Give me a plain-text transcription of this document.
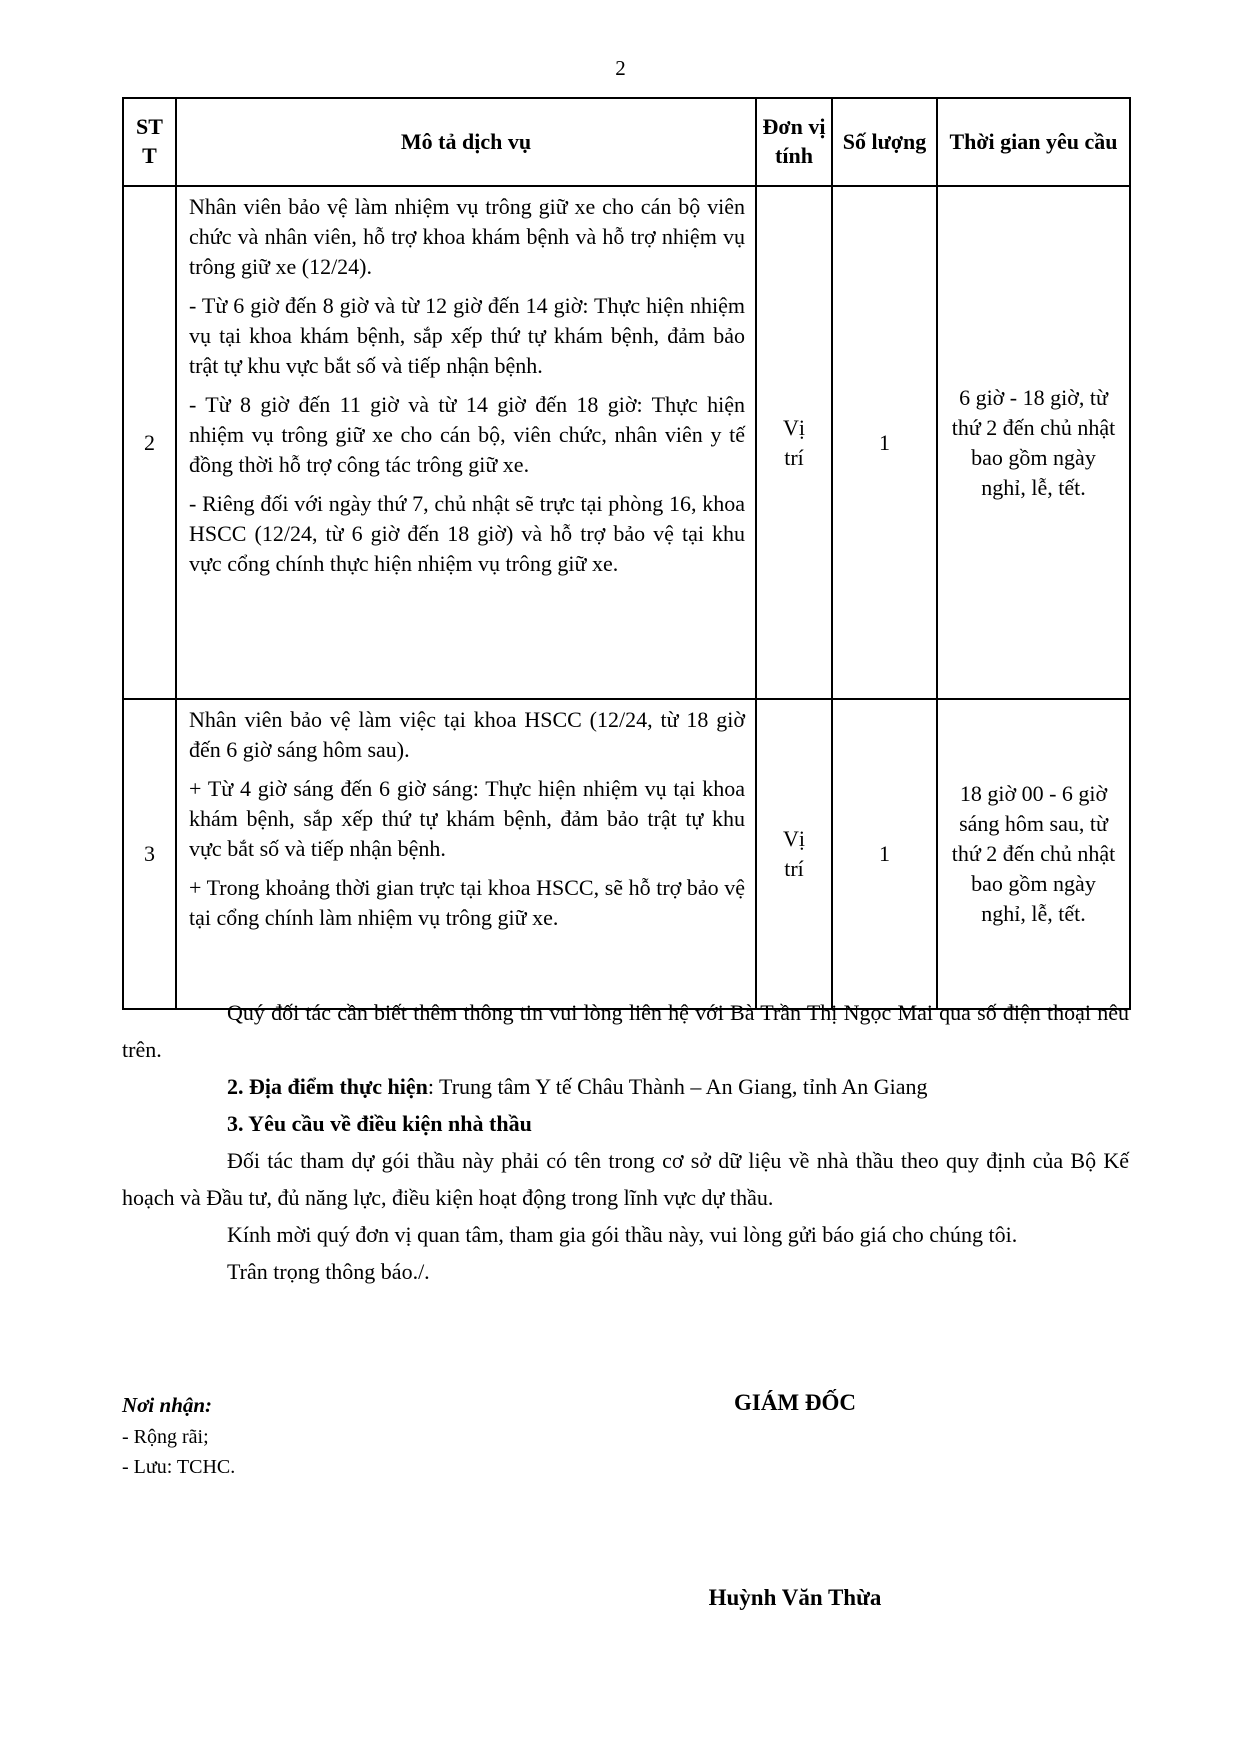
2
STT	Mô tả dịch vụ	Đơn vị tính	Số lượng	Thời gian yêu cầu
2	Nhân viên bảo vệ làm nhiệm vụ trông giữ xe cho cán bộ viên chức và nhân viên, hỗ trợ khoa khám bệnh và hỗ trợ nhiệm vụ trông giữ xe (12/24).

- Từ 6 giờ đến 8 giờ và từ 12 giờ đến 14 giờ: Thực hiện nhiệm vụ tại khoa khám bệnh, sắp xếp thứ tự khám bệnh, đảm bảo trật tự khu vực bắt số và tiếp nhận bệnh.

- Từ 8 giờ đến 11 giờ và từ 14 giờ đến 18 giờ: Thực hiện nhiệm vụ trông giữ xe cho cán bộ, viên chức, nhân viên y tế đồng thời hỗ trợ công tác trông giữ xe.

- Riêng đối với ngày thứ 7, chủ nhật sẽ trực tại phòng 16, khoa HSCC (12/24, từ 6 giờ đến 18 giờ) và hỗ trợ bảo vệ tại khu vực cổng chính thực hiện nhiệm vụ trông giữ xe.	Vị trí	1	6 giờ - 18 giờ, từ thứ 2 đến chủ nhật bao gồm ngày nghỉ, lễ, tết.

3	Nhân viên bảo vệ làm việc tại khoa HSCC (12/24, từ 18 giờ đến 6 giờ sáng hôm sau).

+ Từ 4 giờ sáng đến 6 giờ sáng: Thực hiện nhiệm vụ tại khoa khám bệnh, sắp xếp thứ tự khám bệnh, đảm bảo trật tự khu vực bắt số và tiếp nhận bệnh.

+ Trong khoảng thời gian trực tại khoa HSCC, sẽ hỗ trợ bảo vệ tại cổng chính làm nhiệm vụ trông giữ xe.	Vị trí	1	18 giờ 00 - 6 giờ sáng hôm sau, từ thứ 2 đến chủ nhật bao gồm ngày nghỉ, lễ, tết.

Quý đối tác cần biết thêm thông tin vui lòng liên hệ với Bà Trần Thị Ngọc Mai qua số điện thoại nêu trên.

2. Địa điểm thực hiện: Trung tâm Y tế Châu Thành – An Giang, tỉnh An Giang

3. Yêu cầu về điều kiện nhà thầu

Đối tác tham dự gói thầu này phải có tên trong cơ sở dữ liệu về nhà thầu theo quy định của Bộ Kế hoạch và Đầu tư, đủ năng lực, điều kiện hoạt động trong lĩnh vực dự thầu.

Kính mời quý đơn vị quan tâm, tham gia gói thầu này, vui lòng gửi báo giá cho chúng tôi.

Trân trọng thông báo./.

Nơi nhận:
- Rộng rãi;
- Lưu: TCHC.
GIÁM ĐỐC
Huỳnh Văn Thừa
